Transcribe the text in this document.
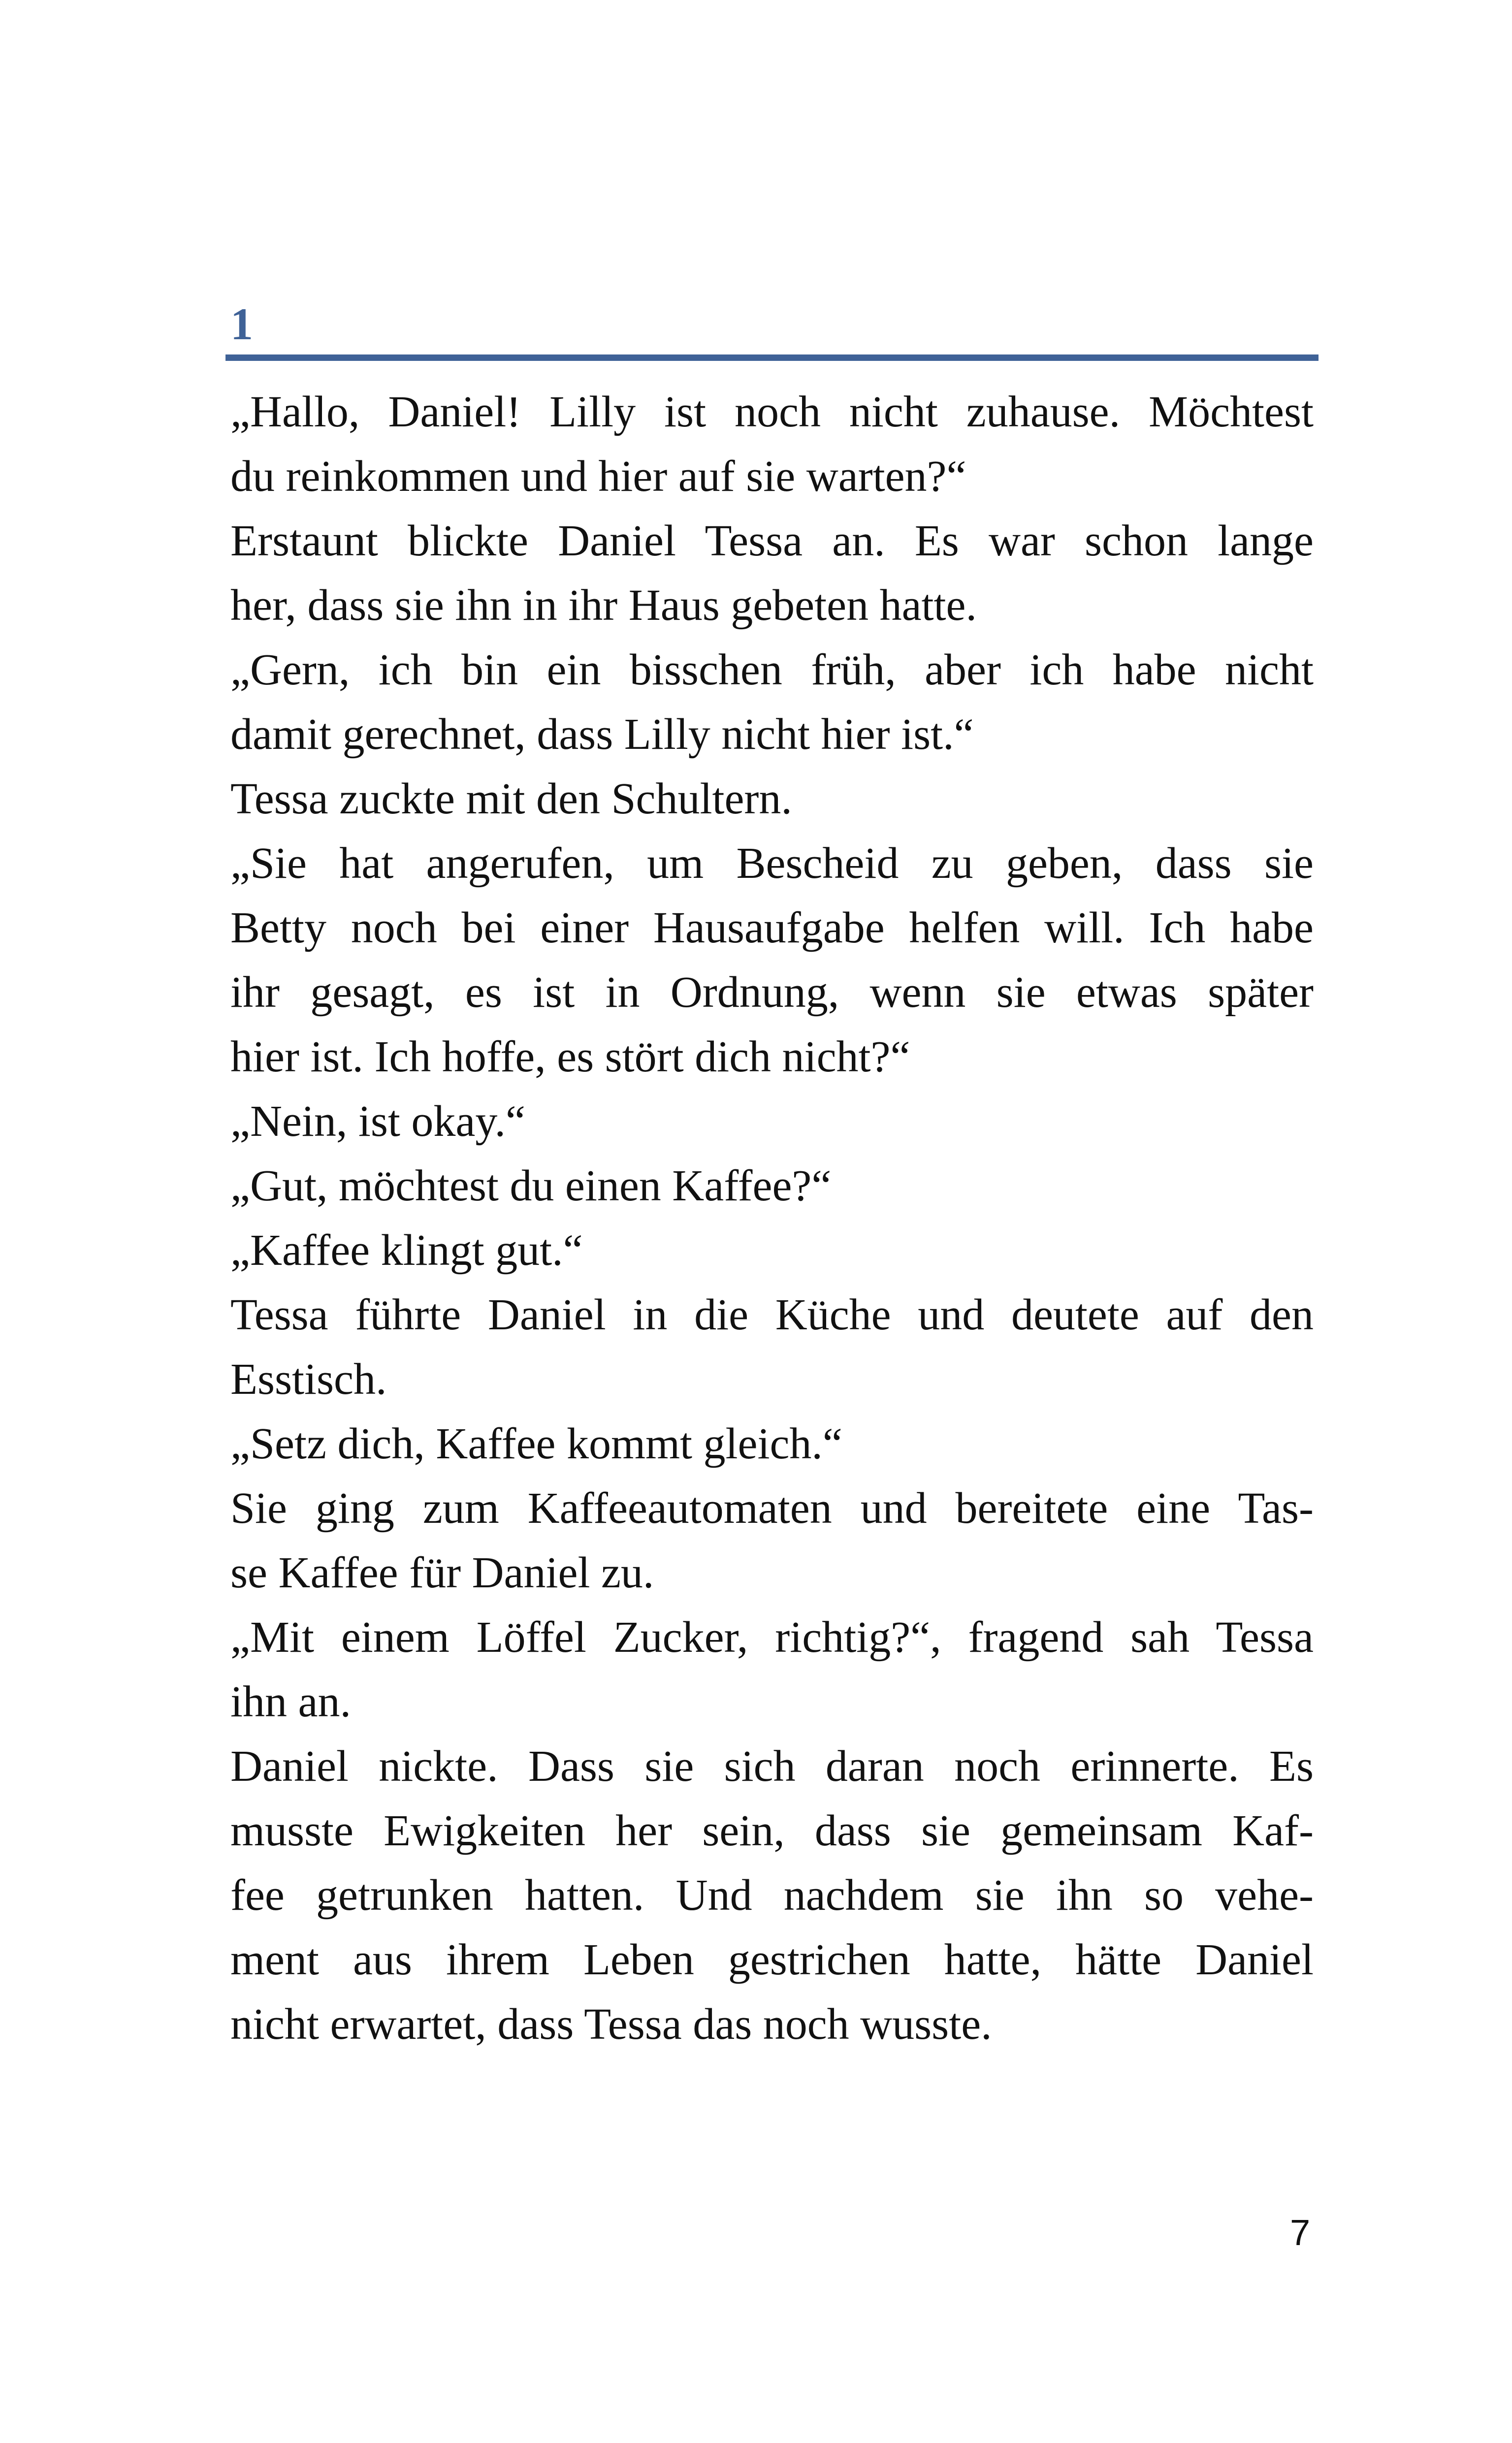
1
„Hallo, Daniel! Lilly ist noch nicht zuhause. Möchtest
du reinkommen und hier auf sie warten?“
Erstaunt blickte Daniel Tessa an. Es war schon lange
her, dass sie ihn in ihr Haus gebeten hatte.
„Gern, ich bin ein bisschen früh, aber ich habe nicht
damit gerechnet, dass Lilly nicht hier ist.“
Tessa zuckte mit den Schultern.
„Sie hat angerufen, um Bescheid zu geben, dass sie
Betty noch bei einer Hausaufgabe helfen will. Ich habe
ihr gesagt, es ist in Ordnung, wenn sie etwas später
hier ist. Ich hoffe, es stört dich nicht?“
„Nein, ist okay.“
„Gut, möchtest du einen Kaffee?“
„Kaffee klingt gut.“
Tessa führte Daniel in die Küche und deutete auf den
Esstisch.
„Setz dich, Kaffee kommt gleich.“
Sie ging zum Kaffeeautomaten und bereitete eine Tas-
se Kaffee für Daniel zu.
„Mit einem Löffel Zucker, richtig?“, fragend sah Tessa
ihn an.
Daniel nickte. Dass sie sich daran noch erinnerte. Es
musste Ewigkeiten her sein, dass sie gemeinsam Kaf-
fee getrunken hatten. Und nachdem sie ihn so vehe-
ment aus ihrem Leben gestrichen hatte, hätte Daniel
nicht erwartet, dass Tessa das noch wusste.
7
